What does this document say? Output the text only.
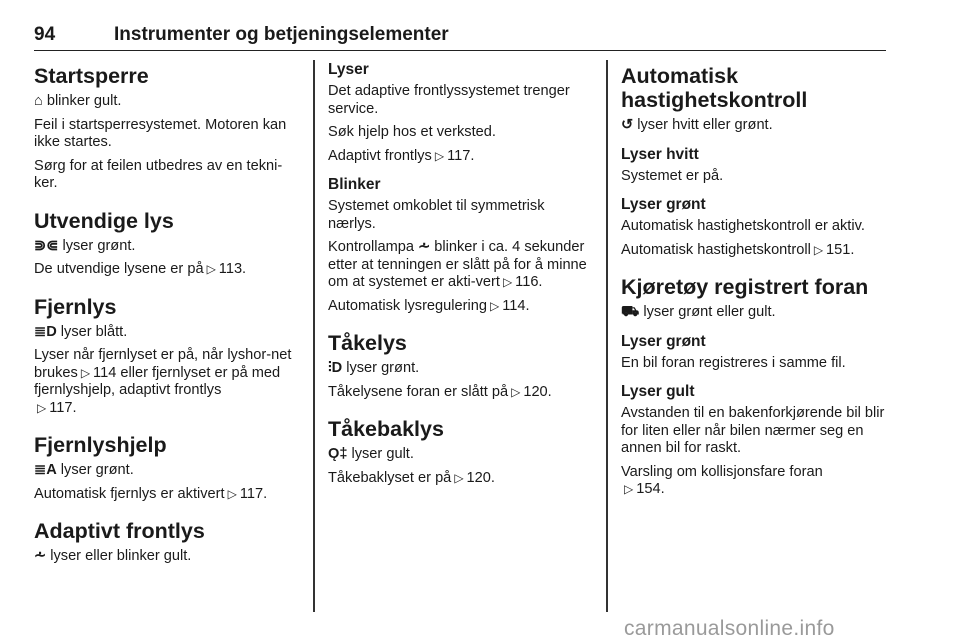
94	Instrumenter og betjeningselementer
Startsperre

⌂ blinker gult.

Feil i startsperresystemet. Motoren kan ikke startes.

Sørg for at feilen utbedres av en tekni-ker.

Utvendige lys

⋑⋐ lyser grønt.

De utvendige lysene er på ▷ 113.

Fjernlys

≣D lyser blått.

Lyser når fjernlyset er på, når lyshor-net brukes ▷ 114 eller fjernlyset er på med fjernlyshjelp, adaptivt frontlys
▷ 117.

Fjernlyshjelp

≣A lyser grønt.

Automatisk fjernlys er aktivert ▷ 117.

Adaptivt frontlys

⩪ lyser eller blinker gult.

Lyser

Det adaptive frontlyssystemet trenger service.

Søk hjelp hos et verksted.

Adaptivt frontlys ▷ 117.

Blinker

Systemet omkoblet til symmetrisk nærlys.

Kontrollampa ⩪ blinker i ca. 4 sekunder etter at tenningen er slått på for å minne om at systemet er akti-vert ▷ 116.

Automatisk lysregulering ▷ 114.

Tåkelys

⫶D lyser grønt.

Tåkelysene foran er slått på ▷ 120.

Tåkebaklys

Ǫ‡ lyser gult.

Tåkebaklyset er på ▷ 120.

Automatisk hastighetskontroll

↺ lyser hvitt eller grønt.

Lyser hvitt

Systemet er på.

Lyser grønt

Automatisk hastighetskontroll er aktiv.

Automatisk hastighetskontroll ▷ 151.

Kjøretøy registrert foran

⛟ lyser grønt eller gult.

Lyser grønt

En bil foran registreres i samme fil.

Lyser gult

Avstanden til en bakenforkjørende bil blir for liten eller når bilen nærmer seg en annen bil for raskt.

Varsling om kollisjonsfare foran
▷ 154.

carmanualsonline.info
